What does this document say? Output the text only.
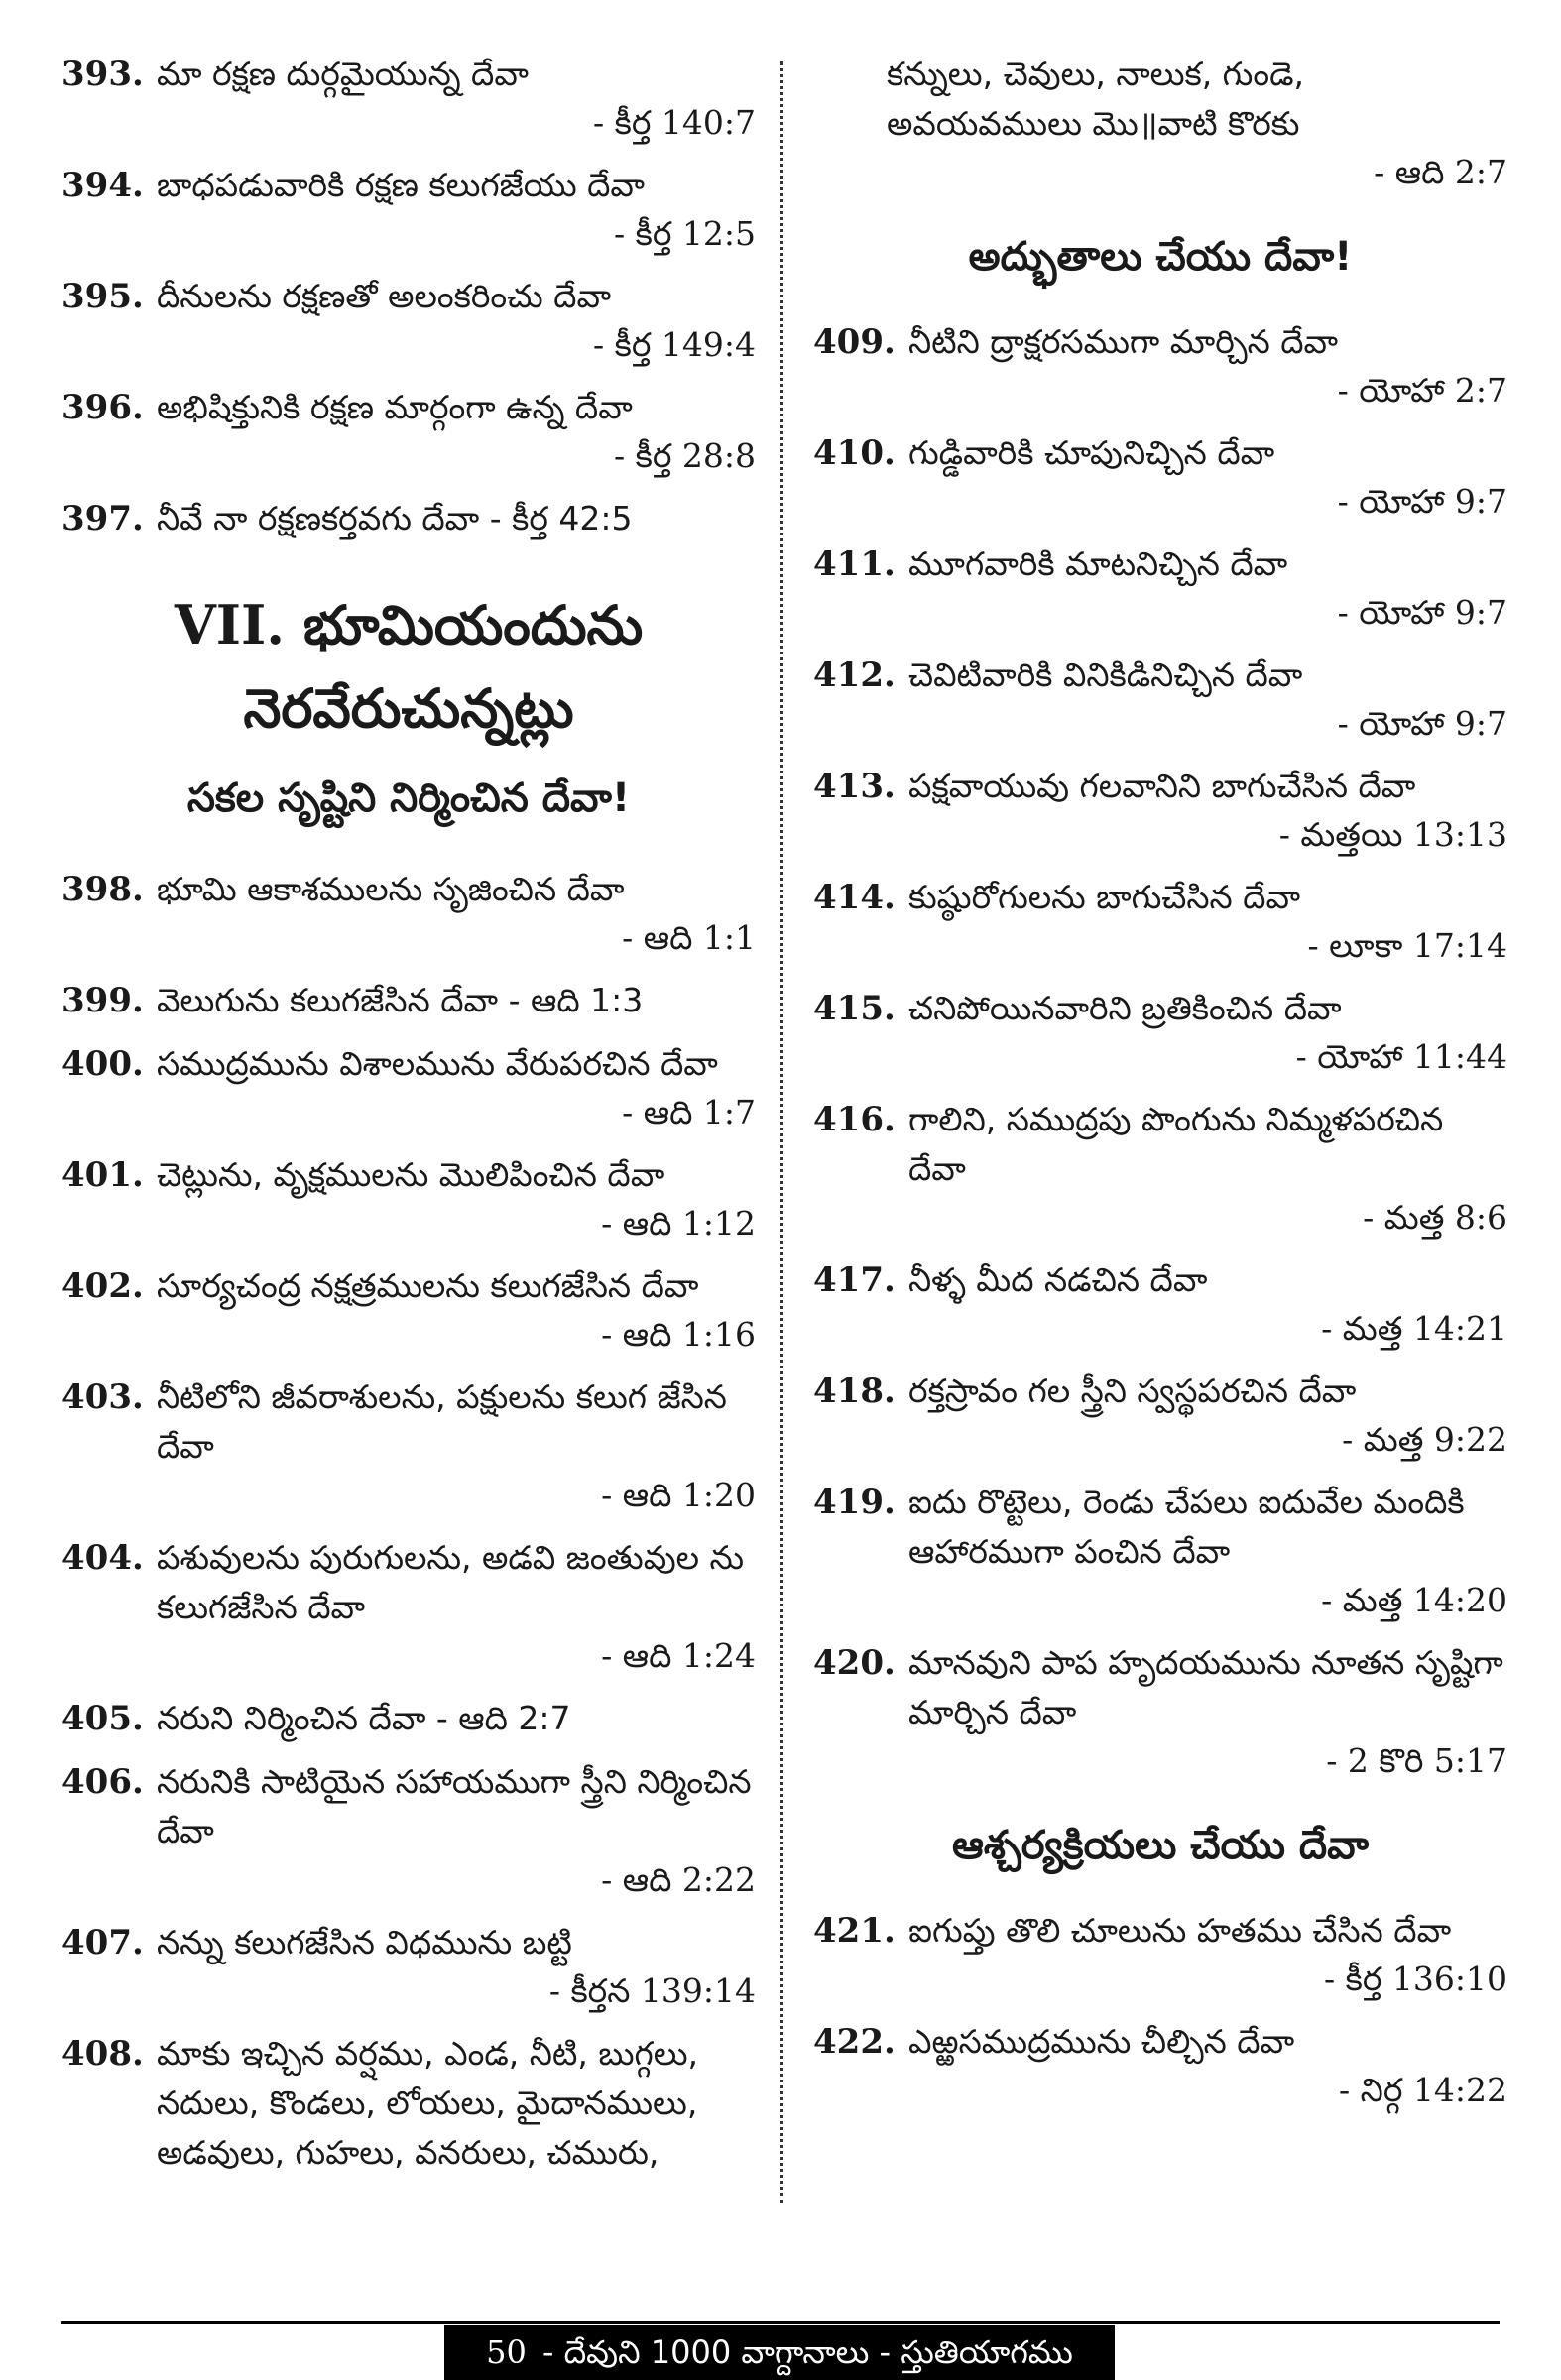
393. మా రక్షణ దుర్గమైయున్న దేవా
- కీర్త 140:7
394. బాధపడువారికి రక్షణ కలుగజేయు దేవా
- కీర్త 12:5
395. దీనులను రక్షణతో అలంకరించు దేవా
- కీర్త 149:4
396. అభిషిక్తునికి రక్షణ మార్గంగా ఉన్న దేవా
- కీర్త 28:8
397. నీవే నా రక్షణకర్తవగు దేవా - కీర్త 42:5
VII. భూమియందును
నెరవేరుచున్నట్లు
సకల సృష్టిని నిర్మించిన దేవా!
398. భూమి ఆకాశములను సృజించిన దేవా
- ఆది 1:1
399. వెలుగును కలుగజేసిన దేవా - ఆది 1:3
400. సముద్రమును విశాలమును వేరుపరచిన దేవా
- ఆది 1:7
401. చెట్లును, వృక్షములను మొలిపించిన దేవా
- ఆది 1:12
402. సూర్యచంద్ర నక్షత్రములను కలుగజేసిన దేవా
- ఆది 1:16
403. నీటిలోని జీవరాశులను, పక్షులను కలుగ జేసిన దేవా
- ఆది 1:20
404. పశువులను పురుగులను, అడవి జంతువుల ను కలుగజేసిన దేవా
- ఆది 1:24
405. నరుని నిర్మించిన దేవా - ఆది 2:7
406. నరునికి సాటియైన సహాయముగా స్త్రీని నిర్మించిన దేవా
- ఆది 2:22
407. నన్ను కలుగజేసిన విధమును బట్టి
- కీర్తన 139:14
408. మాకు ఇచ్చిన వర్షము, ఎండ, నీటి, బుగ్గలు, నదులు, కొండలు, లోయలు, మైదానములు, అడవులు, గుహలు, వనరులు, చమురు,
కన్నులు, చెవులు, నాలుక, గుండె, అవయవములు మొ॥వాటి కొరకు
- ఆది 2:7
అద్భుతాలు చేయు దేవా!
409. నీటిని ద్రాక్షరసముగా మార్చిన దేవా
- యోహా 2:7
410. గుడ్డివారికి చూపునిచ్చిన దేవా
- యోహా 9:7
411. మూగవారికి మాటనిచ్చిన దేవా
- యోహా 9:7
412. చెవిటివారికి వినికిడినిచ్చిన దేవా
- యోహా 9:7
413. పక్షవాయువు గలవానిని బాగుచేసిన దేవా
- మత్తయి 13:13
414. కుష్ఠురోగులను బాగుచేసిన దేవా
- లూకా 17:14
415. చనిపోయినవారిని బ్రతికించిన దేవా
- యోహా 11:44
416. గాలిని, సముద్రపు పొంగును నిమ్మళపరచిన దేవా
- మత్త 8:6
417. నీళ్ళ మీద నడచిన దేవా
- మత్త 14:21
418. రక్తస్రావం గల స్త్రీని స్వస్థపరచిన దేవా
- మత్త 9:22
419. ఐదు రొట్టెలు, రెండు చేపలు ఐదువేల మందికి ఆహారముగా పంచిన దేవా
- మత్త 14:20
420. మానవుని పాప హృదయమును నూతన సృష్టిగా మార్చిన దేవా
- 2 కొరి 5:17
ఆశ్చర్యక్రియలు చేయు దేవా
421. ఐగుప్తు తొలి చూలును హతము చేసిన దేవా
- కీర్త 136:10
422. ఎఱ్ఱసముద్రమును చీల్చిన దేవా
- నిర్గ 14:22
50 - దేవుని 1000 వాగ్దానాలు - స్తుతియాగము
